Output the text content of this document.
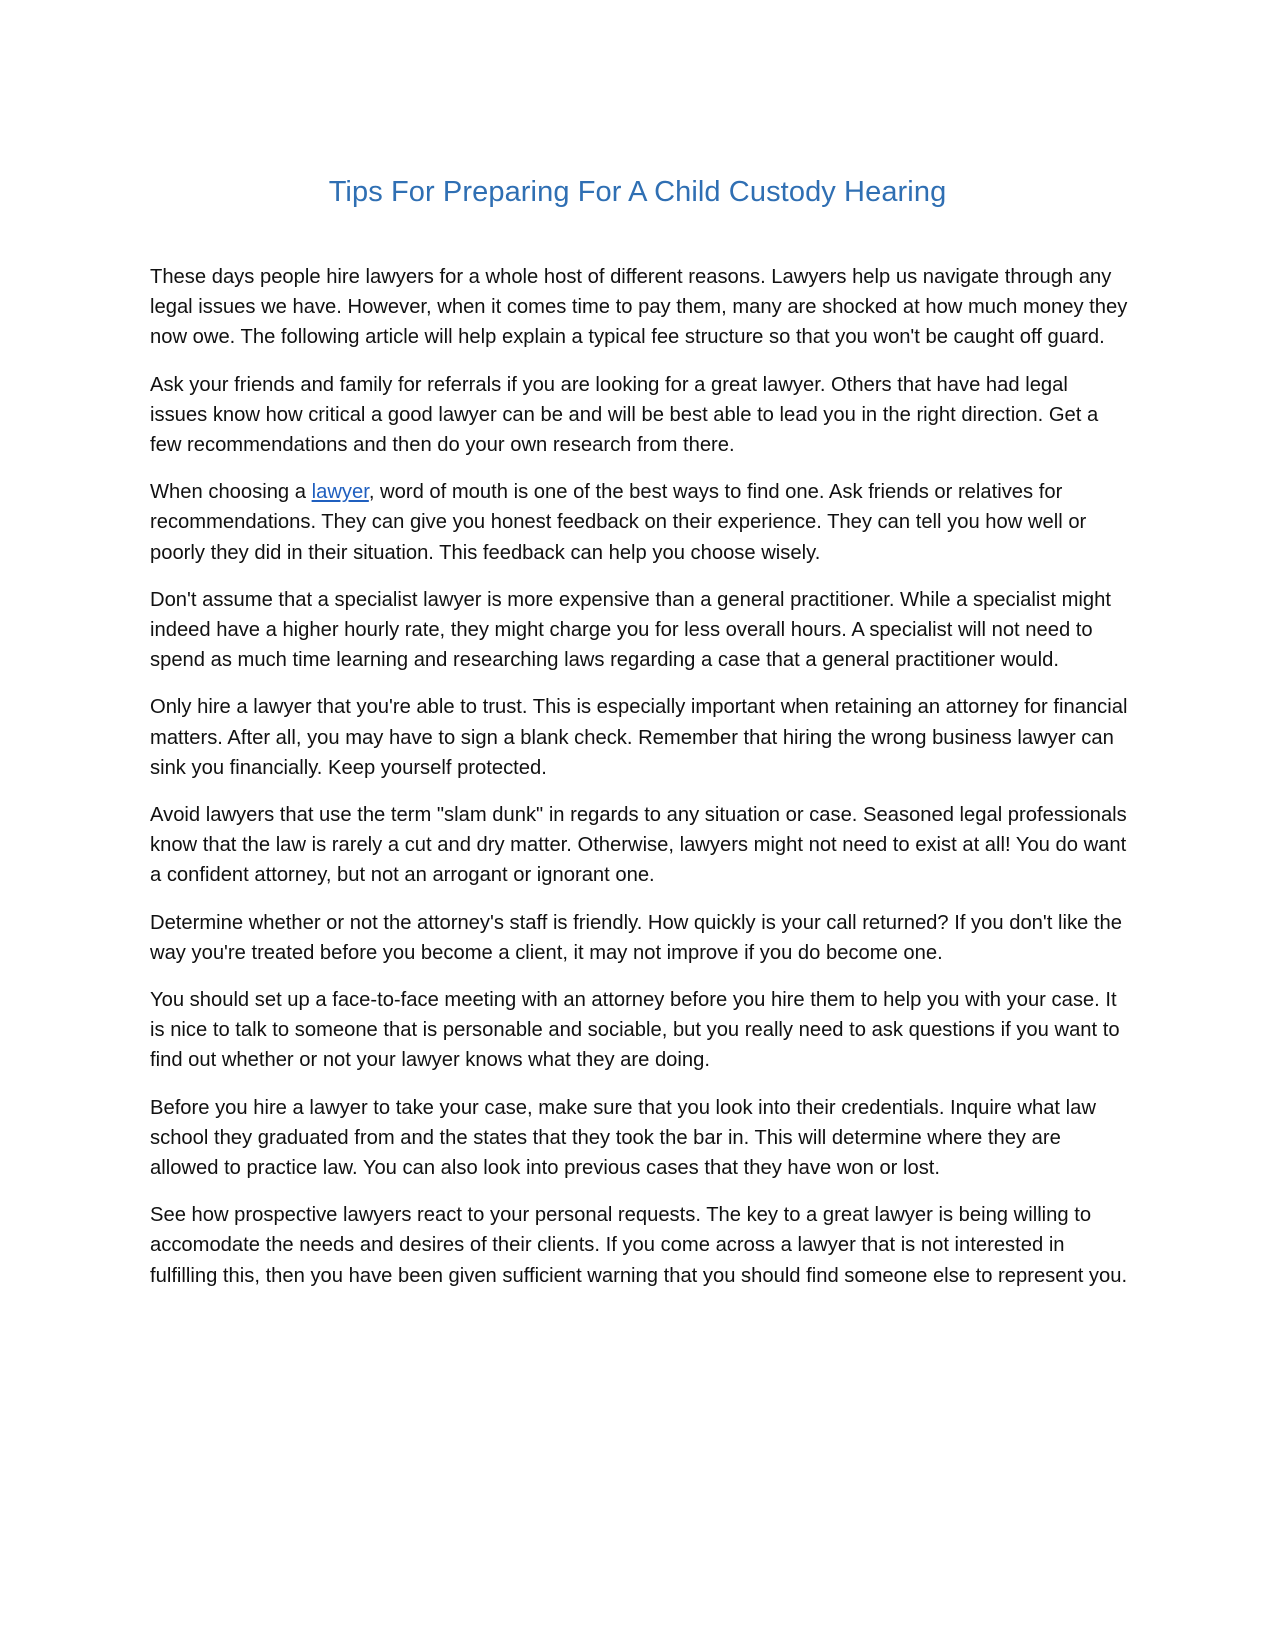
Tips For Preparing For A Child Custody Hearing

These days people hire lawyers for a whole host of different reasons. Lawyers help us navigate through any legal issues we have. However, when it comes time to pay them, many are shocked at how much money they now owe. The following article will help explain a typical fee structure so that you won't be caught off guard.

Ask your friends and family for referrals if you are looking for a great lawyer. Others that have had legal issues know how critical a good lawyer can be and will be best able to lead you in the right direction. Get a few recommendations and then do your own research from there.

When choosing a lawyer, word of mouth is one of the best ways to find one. Ask friends or relatives for recommendations. They can give you honest feedback on their experience. They can tell you how well or poorly they did in their situation. This feedback can help you choose wisely.

Don't assume that a specialist lawyer is more expensive than a general practitioner. While a specialist might indeed have a higher hourly rate, they might charge you for less overall hours. A specialist will not need to spend as much time learning and researching laws regarding a case that a general practitioner would.

Only hire a lawyer that you're able to trust. This is especially important when retaining an attorney for financial matters. After all, you may have to sign a blank check. Remember that hiring the wrong business lawyer can sink you financially. Keep yourself protected.

Avoid lawyers that use the term "slam dunk" in regards to any situation or case. Seasoned legal professionals know that the law is rarely a cut and dry matter. Otherwise, lawyers might not need to exist at all! You do want a confident attorney, but not an arrogant or ignorant one.

Determine whether or not the attorney's staff is friendly. How quickly is your call returned? If you don't like the way you're treated before you become a client, it may not improve if you do become one.

You should set up a face-to-face meeting with an attorney before you hire them to help you with your case. It is nice to talk to someone that is personable and sociable, but you really need to ask questions if you want to find out whether or not your lawyer knows what they are doing.

Before you hire a lawyer to take your case, make sure that you look into their credentials. Inquire what law school they graduated from and the states that they took the bar in. This will determine where they are allowed to practice law. You can also look into previous cases that they have won or lost.

See how prospective lawyers react to your personal requests. The key to a great lawyer is being willing to accomodate the needs and desires of their clients. If you come across a lawyer that is not interested in fulfilling this, then you have been given sufficient warning that you should find someone else to represent you.
